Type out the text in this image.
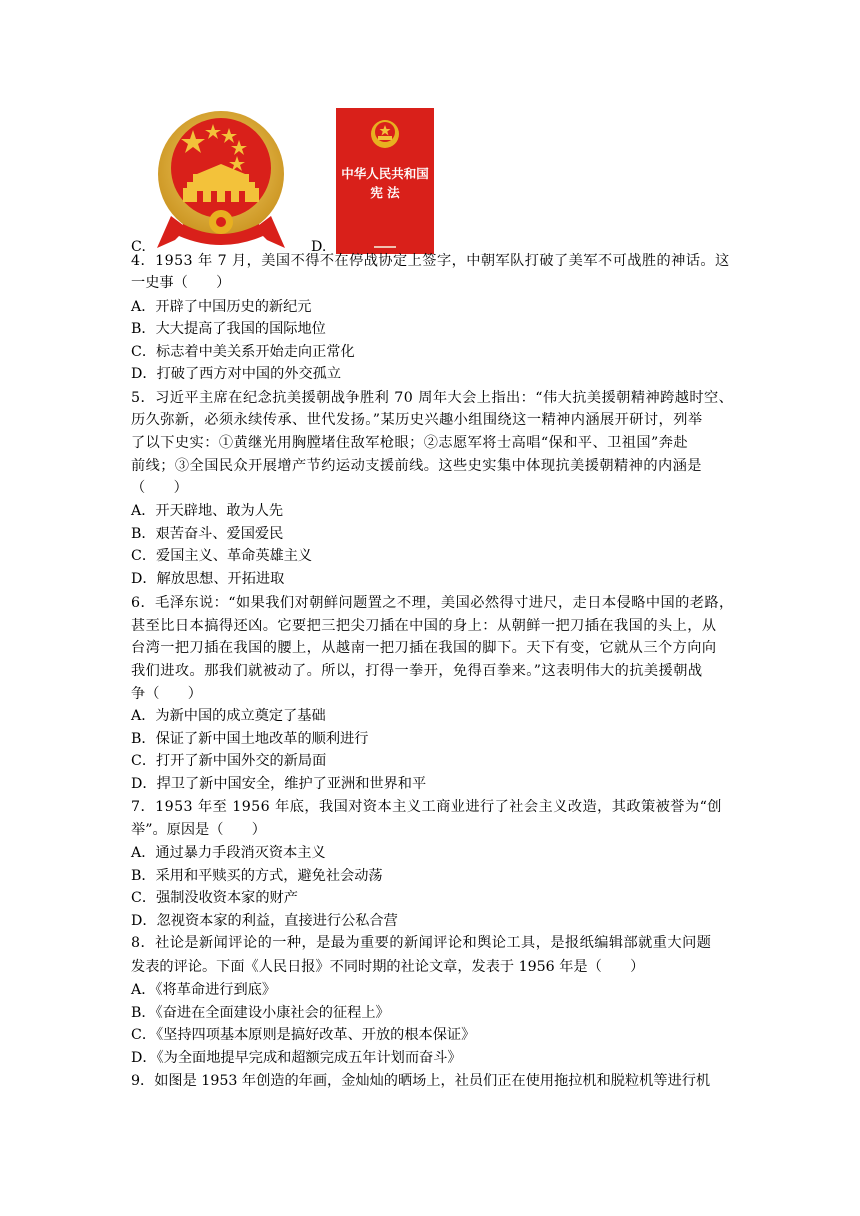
C.	D.
中华人民共和国
宪 法
4．1953 年 7 月，美国不得不在停战协定上签字，中朝军队打破了美军不可战胜的神话。这
一史事（　　）
A．开辟了中国历史的新纪元
B．大大提高了我国的国际地位
C．标志着中美关系开始走向正常化
D．打破了西方对中国的外交孤立
5．习近平主席在纪念抗美援朝战争胜利 70 周年大会上指出：“伟大抗美援朝精神跨越时空、
历久弥新，必须永续传承、世代发扬。”某历史兴趣小组围绕这一精神内涵展开研讨，列举
了以下史实：①黄继光用胸膛堵住敌军枪眼；②志愿军将士高唱“保和平、卫祖国”奔赴
前线；③全国民众开展增产节约运动支援前线。这些史实集中体现抗美援朝精神的内涵是
（　　）
A．开天辟地、敢为人先
B．艰苦奋斗、爱国爱民
C．爱国主义、革命英雄主义
D．解放思想、开拓进取
6．毛泽东说：“如果我们对朝鲜问题置之不理，美国必然得寸进尺，走日本侵略中国的老路，
甚至比日本搞得还凶。它要把三把尖刀插在中国的身上：从朝鲜一把刀插在我国的头上，从
台湾一把刀插在我国的腰上，从越南一把刀插在我国的脚下。天下有变，它就从三个方向向
我们进攻。那我们就被动了。所以，打得一拳开，免得百拳来。”这表明伟大的抗美援朝战
争（　　）
A．为新中国的成立奠定了基础
B．保证了新中国土地改革的顺利进行
C．打开了新中国外交的新局面
D．捍卫了新中国安全，维护了亚洲和世界和平
7．1953 年至 1956 年底，我国对资本主义工商业进行了社会主义改造，其政策被誉为“创
举”。原因是（　　）
A．通过暴力手段消灭资本主义
B．采用和平赎买的方式，避免社会动荡
C．强制没收资本家的财产
D．忽视资本家的利益，直接进行公私合营
8．社论是新闻评论的一种，是最为重要的新闻评论和舆论工具，是报纸编辑部就重大问题
发表的评论。下面《人民日报》不同时期的社论文章，发表于 1956 年是（　　）
A．《将革命进行到底》
B．《奋进在全面建设小康社会的征程上》
C．《坚持四项基本原则是搞好改革、开放的根本保证》
D．《为全面地提早完成和超额完成五年计划而奋斗》
9．如图是 1953 年创造的年画，金灿灿的晒场上，社员们正在使用拖拉机和脱粒机等进行机
